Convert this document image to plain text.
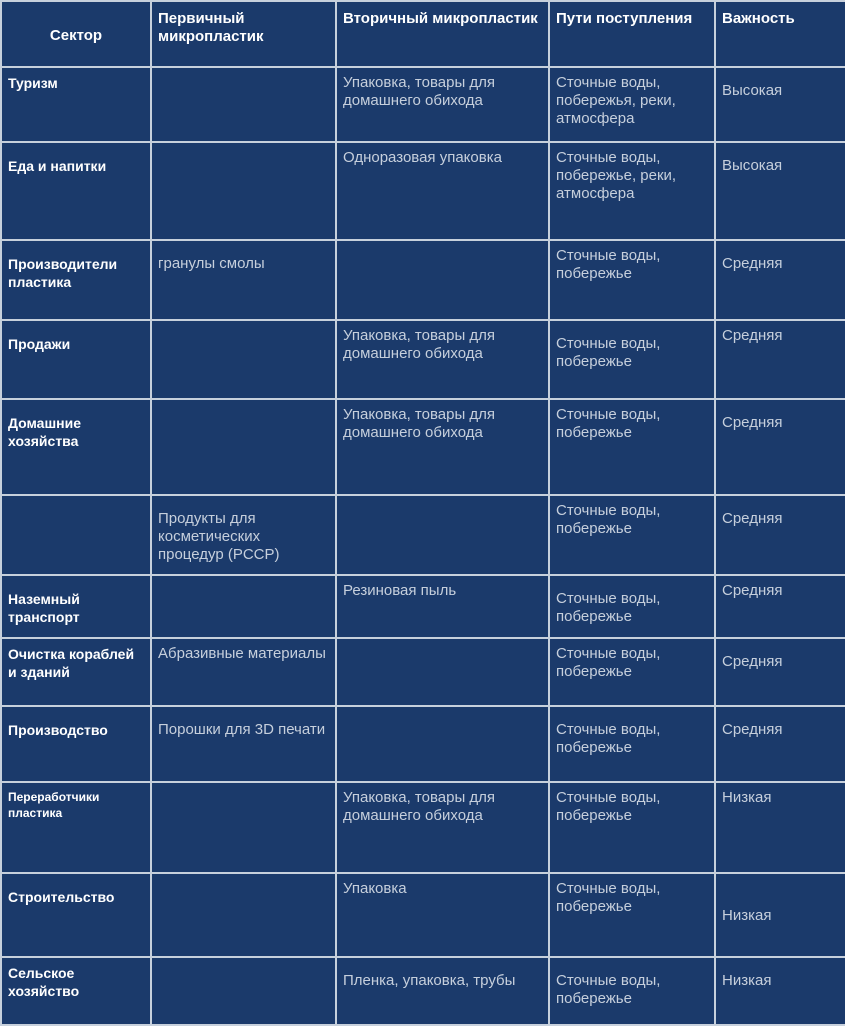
Сектор	Первичный микропластик	Вторичный микропластик	Пути поступления	Важность
Туризм		Упаковка, товары для домашнего обихода	Сточные воды, побережья, реки, атмосфера	Высокая
Еда и напитки		Одноразовая упаковка	Сточные воды, побережье, реки, атмосфера	Высокая
Производители пластика	гранулы смолы		Сточные воды, побережье	Средняя
Продажи		Упаковка, товары для домашнего обихода	Сточные воды, побережье	Средняя
Домашние хозяйства		Упаковка, товары для домашнего обихода	Сточные воды, побережье	Средняя
	Продукты для косметических процедур (PCCP)		Сточные воды, побережье	Средняя
Наземный транспорт		Резиновая пыль	Сточные воды, побережье	Средняя
Очистка кораблей и зданий	Абразивные материалы		Сточные воды, побережье	Средняя
Производство	Порошки для 3D печати		Сточные воды, побережье	Средняя
Переработчики пластика		Упаковка, товары для домашнего обихода	Сточные воды, побережье	Низкая
Строительство		Упаковка	Сточные воды, побережье	Низкая
Сельское хозяйство		Пленка, упаковка, трубы	Сточные воды, побережье	Низкая
